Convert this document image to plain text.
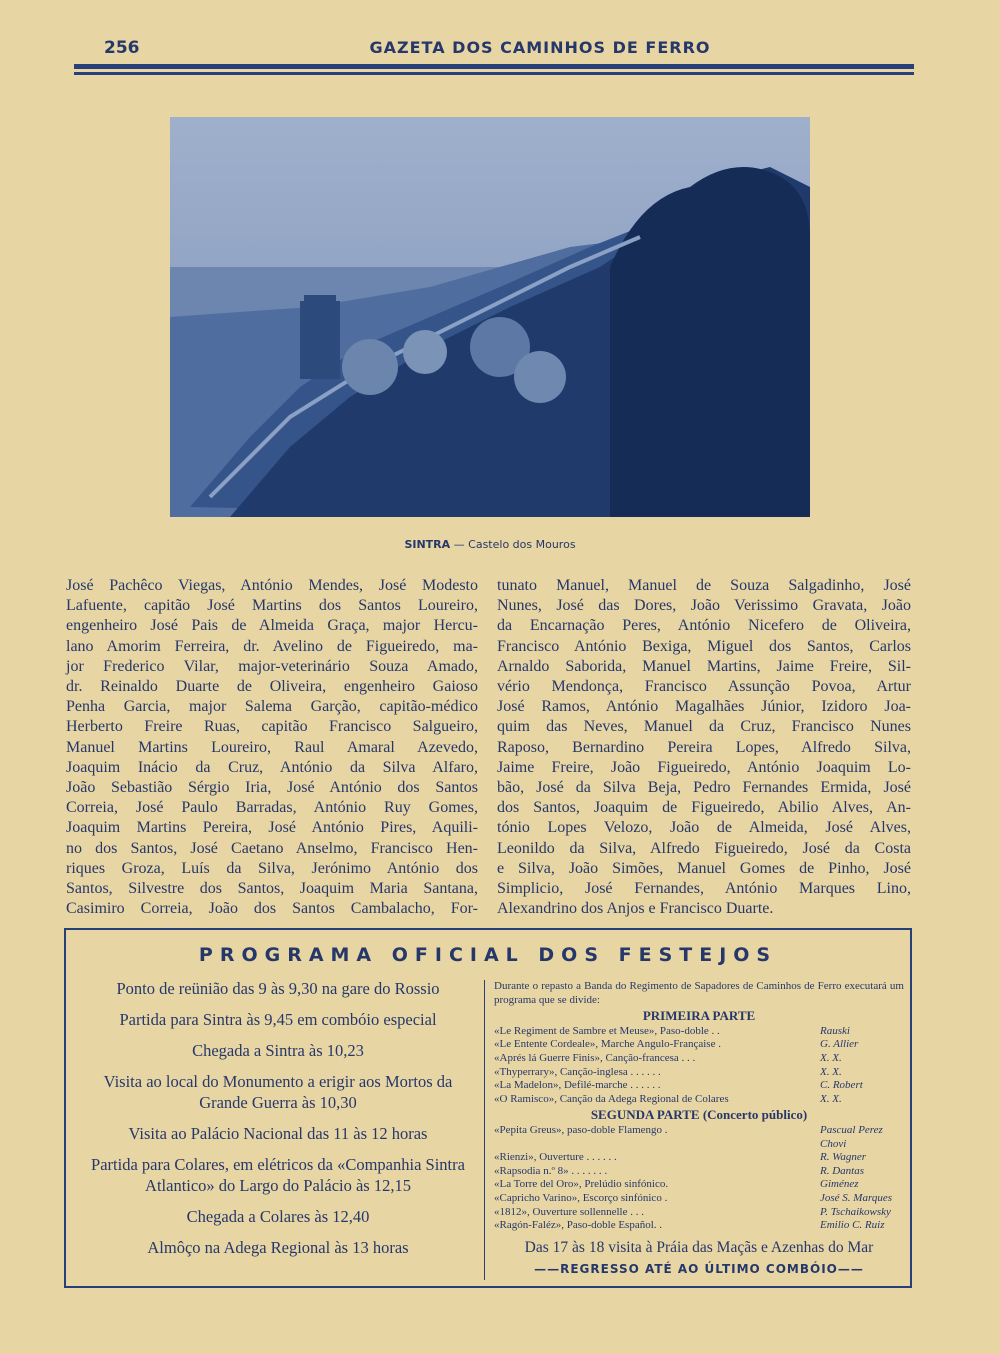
256	GAZETA DOS CAMINHOS DE FERRO
SINTRA — Castelo dos Mouros
José Pachêco Viegas, António Mendes, José Modesto
Lafuente, capitão José Martins dos Santos Loureiro,
engenheiro José Pais de Almeida Graça, major Hercu-
lano Amorim Ferreira, dr. Avelino de Figueiredo, ma-
jor Frederico Vilar, major-veterinário Souza Amado,
dr. Reinaldo Duarte de Oliveira, engenheiro Gaioso
Penha Garcia, major Salema Garção, capitão-médico
Herberto Freire Ruas, capitão Francisco Salgueiro,
Manuel Martins Loureiro, Raul Amaral Azevedo,
Joaquim Inácio da Cruz, António da Silva Alfaro,
João Sebastião Sérgio Iria, José António dos Santos
Correia, José Paulo Barradas, António Ruy Gomes,
Joaquim Martins Pereira, José António Pires, Aquili-
no dos Santos, José Caetano Anselmo, Francisco Hen-
riques Groza, Luís da Silva, Jerónimo António dos
Santos, Silvestre dos Santos, Joaquim Maria Santana,
Casimiro Correia, João dos Santos Cambalacho, For-
tunato Manuel, Manuel de Souza Salgadinho, José
Nunes, José das Dores, João Verissimo Gravata, João
da Encarnação Peres, António Nicefero de Oliveira,
Francisco António Bexiga, Miguel dos Santos, Carlos
Arnaldo Saborida, Manuel Martins, Jaime Freire, Sil-
vério Mendonça, Francisco Assunção Povoa, Artur
José Ramos, António Magalhães Júnior, Izidoro Joa-
quim das Neves, Manuel da Cruz, Francisco Nunes
Raposo, Bernardino Pereira Lopes, Alfredo Silva,
Jaime Freire, João Figueiredo, António Joaquim Lo-
bão, José da Silva Beja, Pedro Fernandes Ermida, José
dos Santos, Joaquim de Figueiredo, Abilio Alves, An-
tónio Lopes Velozo, João de Almeida, José Alves,
Leonildo da Silva, Alfredo Figueiredo, José da Costa
e Silva, João Simões, Manuel Gomes de Pinho, José
Simplicio, José Fernandes, António Marques Lino,
Alexandrino dos Anjos e Francisco Duarte.
PROGRAMA OFICIAL DOS FESTEJOS
Ponto de reünião das 9 às 9,30 na gare do Rossio
Partida para Sintra às 9,45 em combóio especial
Chegada a Sintra às 10,23
Visita ao local do Monumento a erigir aos Mortos da Grande Guerra às 10,30
Visita ao Palácio Nacional das 11 às 12 horas
Partida para Colares, em elétricos da «Companhia Sintra Atlantico» do Largo do Palácio às 12,15
Chegada a Colares às 12,40
Almôço na Adega Regional às 13 horas
Durante o repasto a Banda do Regimento de Sapadores de Caminhos de Ferro executará um programa que se divide:
PRIMEIRA PARTE
«Le Regiment de Sambre et Meuse», Paso-doble . .	Rauski
«Le Entente Cordeale», Marche Angulo-Française .	G. Allier
«Aprés lá Guerre Finis», Canção-francesa . . .	X. X.
«Thyperrary», Canção-inglesa . . . . . .	X. X.
«La Madelon», Defilé-marche . . . . . .	C. Robert
«O Ramisco», Canção da Adega Regional de Colares	X. X.
SEGUNDA PARTE (Concerto público)
«Pepita Greus», paso-doble Flamengo .	Pascual Perez Chovi
«Rienzi», Ouverture . . . . . .	R. Wagner
«Rapsodia n.º 8» . . . . . . .	R. Dantas
«La Torre del Oro», Prelúdio sinfónico.	Giménez
«Capricho Varino», Escorço sinfónico .	José S. Marques
«1812», Ouverture sollennelle . . .	P. Tschaikowsky
«Ragón-Faléz», Paso-doble Español. .	Emilio C. Ruiz
Das 17 às 18 visita à Práia das Maçãs e Azenhas do Mar
——REGRESSO ATÉ AO ÚLTIMO COMBÓIO——
